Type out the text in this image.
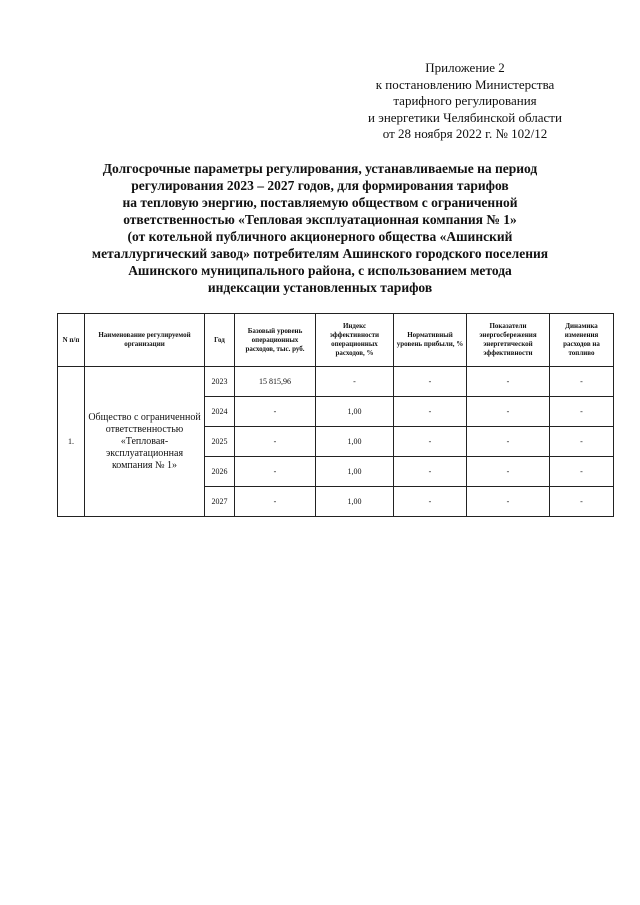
Приложение 2
к постановлению Министерства
тарифного регулирования
и энергетики Челябинской области
от 28 ноября 2022 г. № 102/12
Долгосрочные параметры регулирования, устанавливаемые на период
регулирования 2023 – 2027 годов, для формирования тарифов
на тепловую энергию, поставляемую обществом с ограниченной
ответственностью «Тепловая эксплуатационная компания № 1»
(от котельной публичного акционерного общества «Ашинский
металлургический завод» потребителям Ашинского городского поселения
Ашинского муниципального района, с использованием метода
индексации установленных тарифов
N п/п	Наименование регулируемой организации	Год	Базовый уровень операционных расходов, тыс. руб.	Индекс эффективности операционных расходов, %	Нормативный уровень прибыли, %	Показатели энергосбережения энергетической эффективности	Динамика изменения расходов на топливо
1.	Общество с ограниченной ответственностью «Тепловая-эксплуатационная компания № 1»	2023	15 815,96	-	-	-	-
		2024	-	1,00	-	-	-
		2025	-	1,00	-	-	-
		2026	-	1,00	-	-	-
		2027	-	1,00	-	-	-
